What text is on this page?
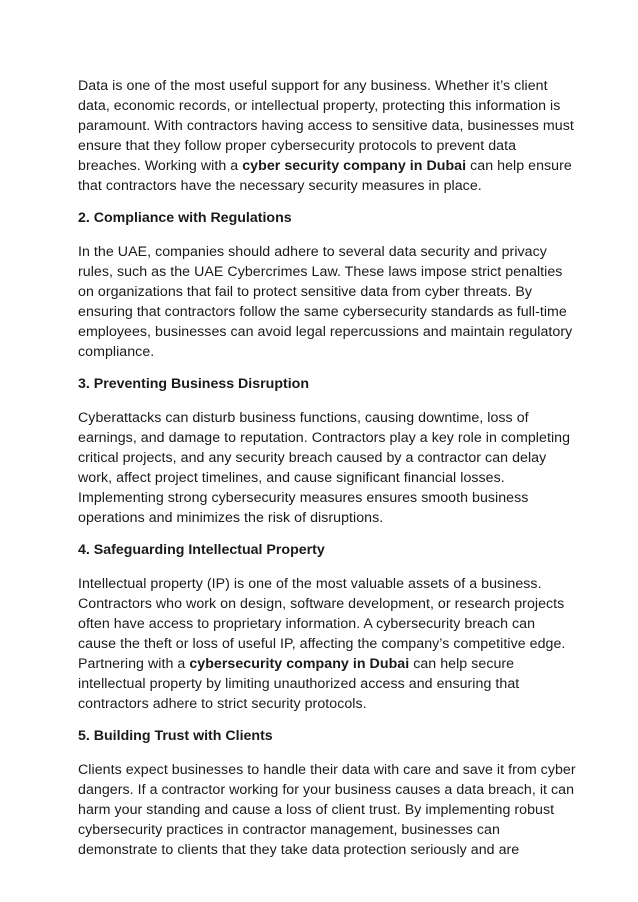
Data is one of the most useful support for any business. Whether it’s client data, economic records, or intellectual property, protecting this information is paramount. With contractors having access to sensitive data, businesses must ensure that they follow proper cybersecurity protocols to prevent data breaches. Working with a cyber security company in Dubai can help ensure that contractors have the necessary security measures in place.

2. Compliance with Regulations

In the UAE, companies should adhere to several data security and privacy rules, such as the UAE Cybercrimes Law. These laws impose strict penalties on organizations that fail to protect sensitive data from cyber threats. By ensuring that contractors follow the same cybersecurity standards as full-time employees, businesses can avoid legal repercussions and maintain regulatory compliance.

3. Preventing Business Disruption

Cyberattacks can disturb business functions, causing downtime, loss of earnings, and damage to reputation. Contractors play a key role in completing critical projects, and any security breach caused by a contractor can delay work, affect project timelines, and cause significant financial losses. Implementing strong cybersecurity measures ensures smooth business operations and minimizes the risk of disruptions.

4. Safeguarding Intellectual Property

Intellectual property (IP) is one of the most valuable assets of a business. Contractors who work on design, software development, or research projects often have access to proprietary information. A cybersecurity breach can cause the theft or loss of useful IP, affecting the company’s competitive edge. Partnering with a cybersecurity company in Dubai can help secure intellectual property by limiting unauthorized access and ensuring that contractors adhere to strict security protocols.

5. Building Trust with Clients

Clients expect businesses to handle their data with care and save it from cyber dangers. If a contractor working for your business causes a data breach, it can harm your standing and cause a loss of client trust. By implementing robust cybersecurity practices in contractor management, businesses can demonstrate to clients that they take data protection seriously and are
